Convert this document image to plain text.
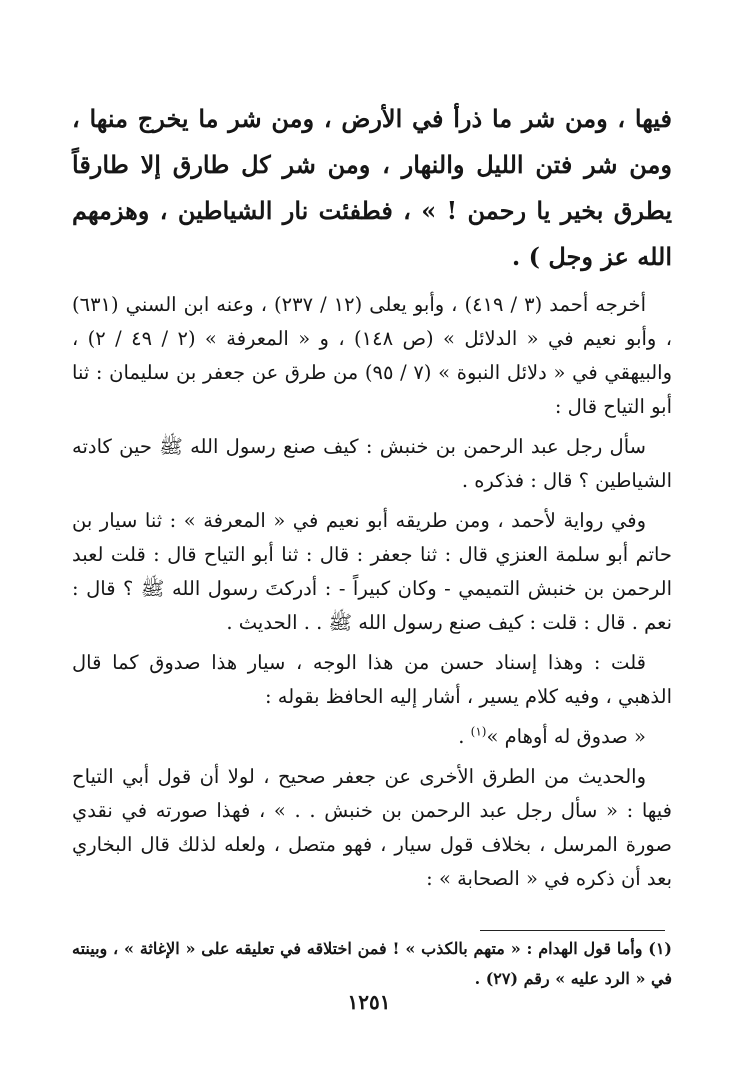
فيها ، ومن شر ما ذرأ في الأرض ، ومن شر ما يخرج منها ، ومن شر فتن الليل والنهار ، ومن شر كل طارق إلا طارقاً يطرق بخير يا رحمن ! » ، فطفئت نار الشياطين ، وهزمهم الله عز وجل ) .

أخرجه أحمد (٣ / ٤١٩) ، وأبو يعلى (١٢ / ٢٣٧) ، وعنه ابن السني (٦٣١) ، وأبو نعيم في « الدلائل » (ص ١٤٨) ، و « المعرفة » (٢ / ٤٩ / ٢) ، والبيهقي في « دلائل النبوة » (٧ / ٩٥) من طرق عن جعفر بن سليمان : ثنا أبو التياح قال :

سأل رجل عبد الرحمن بن خنبش : كيف صنع رسول الله ﷺ حين كادته الشياطين ؟ قال : فذكره .

وفي رواية لأحمد ، ومن طريقه أبو نعيم في « المعرفة » : ثنا سيار بن حاتم أبو سلمة العنزي قال : ثنا جعفر : قال : ثنا أبو التياح قال : قلت لعبد الرحمن بن خنبش التميمي - وكان كبيراً - : أدركتَ رسول الله ﷺ ؟ قال : نعم . قال : قلت : كيف صنع رسول الله ﷺ . . الحديث .

قلت : وهذا إسناد حسن من هذا الوجه ، سيار هذا صدوق كما قال الذهبي ، وفيه كلام يسير ، أشار إليه الحافظ بقوله :

« صدوق له أوهام »$^{(١)}$ .

والحديث من الطرق الأخرى عن جعفر صحيح ، لولا أن قول أبي التياح فيها : « سأل رجل عبد الرحمن بن خنبش . . » ، فهذا صورته في نقدي صورة المرسل ، بخلاف قول سيار ، فهو متصل ، ولعله لذلك قال البخاري بعد أن ذكره في « الصحابة » :

(١) وأما قول الهدام : « متهم بالكذب » ! فمن اختلاقه في تعليقه على « الإغاثة » ، وبينته في « الرد عليه » رقم (٢٧) .

١٢٥١
